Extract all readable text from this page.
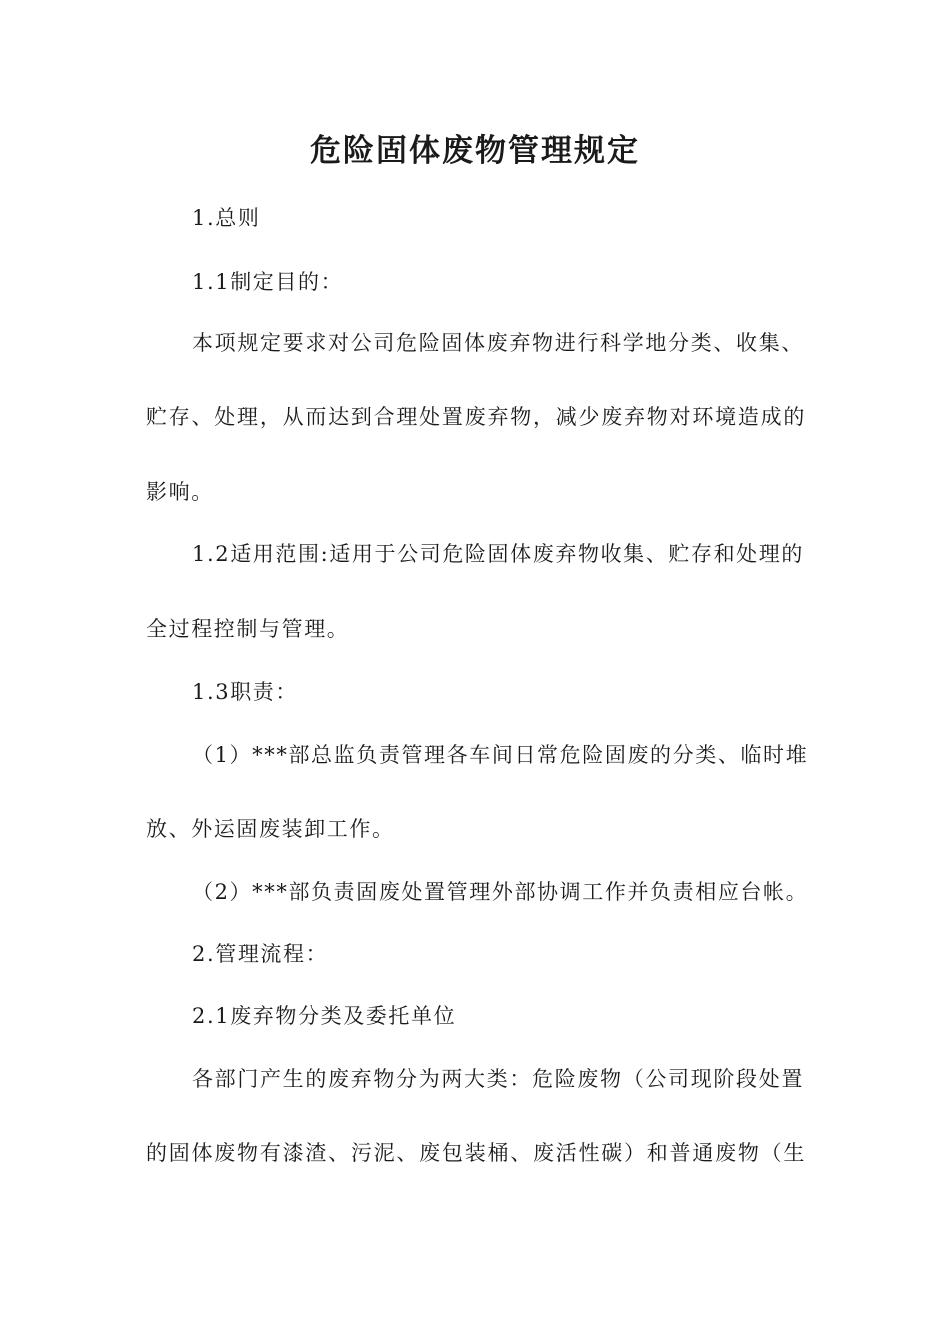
危险固体废物管理规定
1.总则
1.1制定目的：
本项规定要求对公司危险固体废弃物进行科学地分类、收集、
贮存、处理，从而达到合理处置废弃物，减少废弃物对环境造成的
影响。
1.2适用范围:适用于公司危险固体废弃物收集、贮存和处理的
全过程控制与管理。
1.3职责：
（1）***部总监负责管理各车间日常危险固废的分类、临时堆
放、外运固废装卸工作。
（2）***部负责固废处置管理外部协调工作并负责相应台帐。
2.管理流程：
2.1废弃物分类及委托单位
各部门产生的废弃物分为两大类：危险废物（公司现阶段处置
的固体废物有漆渣、污泥、废包装桶、废活性碳）和普通废物（生
